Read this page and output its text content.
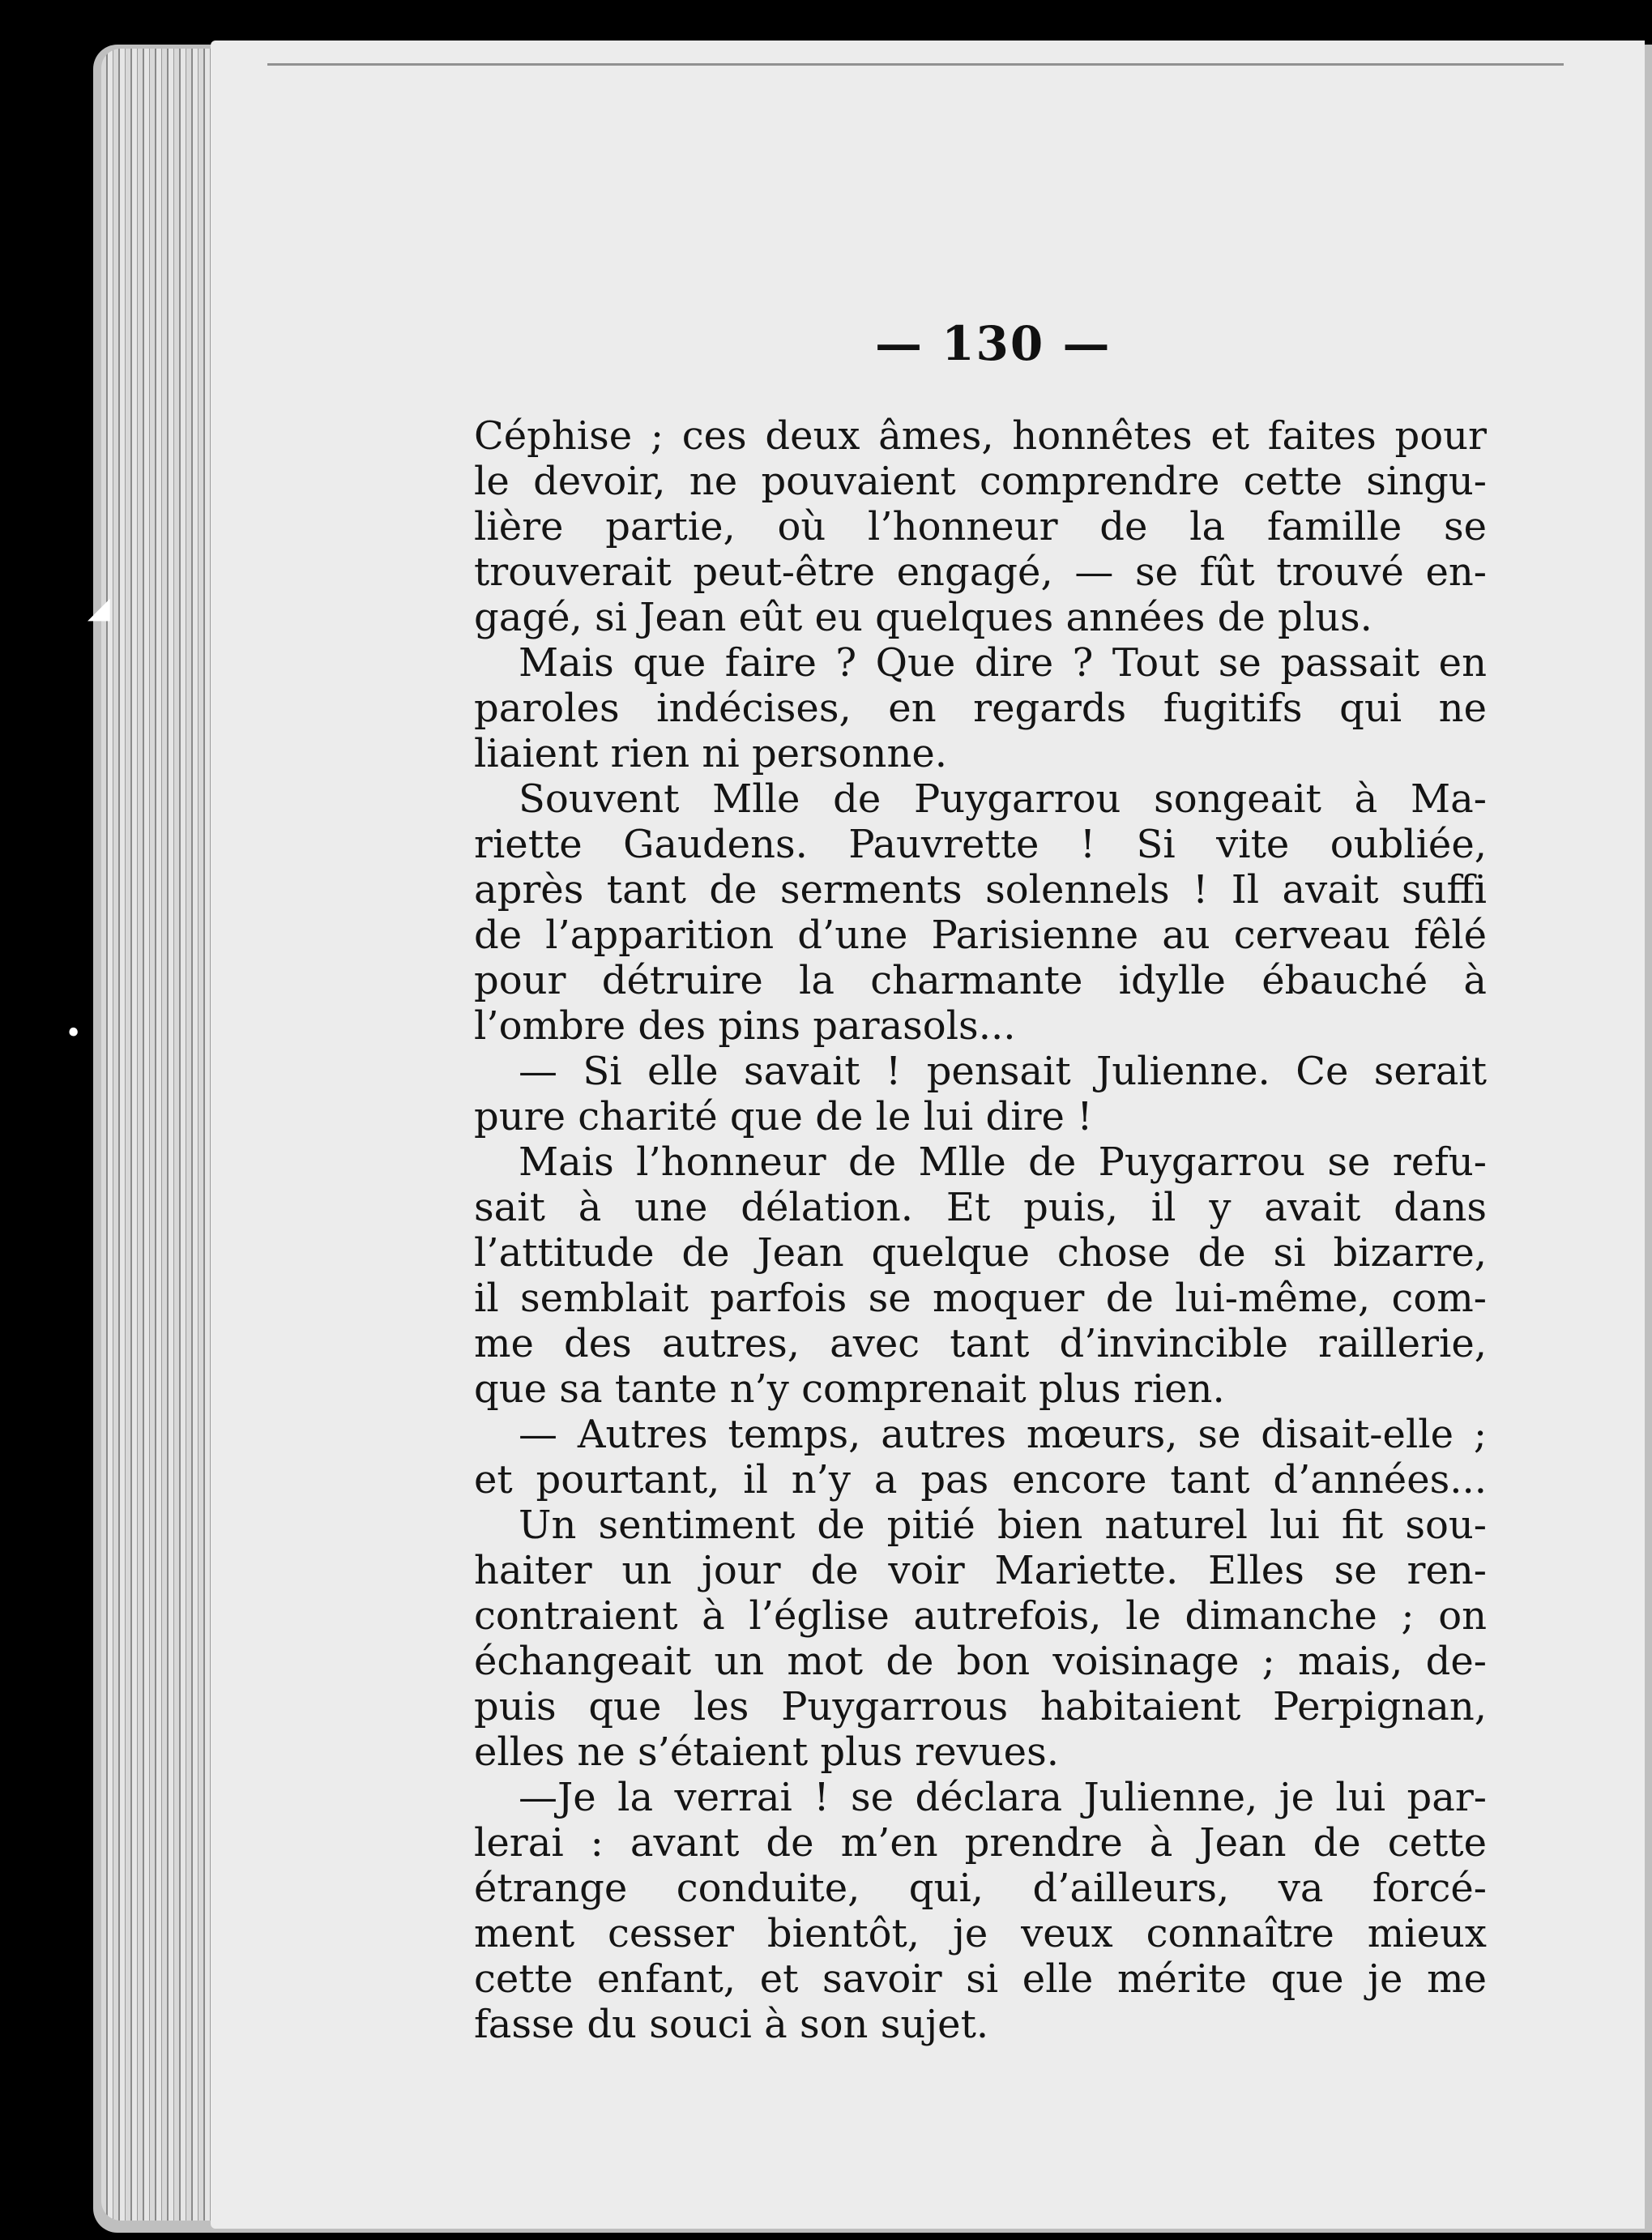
◢
•
— 130 —
Céphise ; ces deux âmes, honnêtes et faites pour
le devoir, ne pouvaient comprendre cette singu-
lière partie, où l’honneur de la famille se
trouverait peut-être engagé, — se fût trouvé en-
gagé, si Jean eût eu quelques années de plus.
Mais que faire ? Que dire ? Tout se passait en
paroles indécises, en regards fugitifs qui ne
liaient rien ni personne.
Souvent Mlle de Puygarrou songeait à Ma-
riette Gaudens. Pauvrette ! Si vite oubliée,
après tant de serments solennels ! Il avait suffi
de l’apparition d’une Parisienne au cerveau fêlé
pour détruire la charmante idylle ébauché à
l’ombre des pins parasols...
— Si elle savait ! pensait Julienne. Ce serait
pure charité que de le lui dire !
Mais l’honneur de Mlle de Puygarrou se refu-
sait à une délation. Et puis, il y avait dans
l’attitude de Jean quelque chose de si bizarre,
il semblait parfois se moquer de lui-même, com-
me des autres, avec tant d’invincible raillerie,
que sa tante n’y comprenait plus rien.
— Autres temps, autres mœurs, se disait-elle ;
et pourtant, il n’y a pas encore tant d’années...
Un sentiment de pitié bien naturel lui fit sou-
haiter un jour de voir Mariette. Elles se ren-
contraient à l’église autrefois, le dimanche ; on
échangeait un mot de bon voisinage ; mais, de-
puis que les Puygarrous habitaient Perpignan,
elles ne s’étaient plus revues.
—Je la verrai ! se déclara Julienne, je lui par-
lerai : avant de m’en prendre à Jean de cette
étrange conduite, qui, d’ailleurs, va forcé-
ment cesser bientôt, je veux connaître mieux
cette enfant, et savoir si elle mérite que je me
fasse du souci à son sujet.
